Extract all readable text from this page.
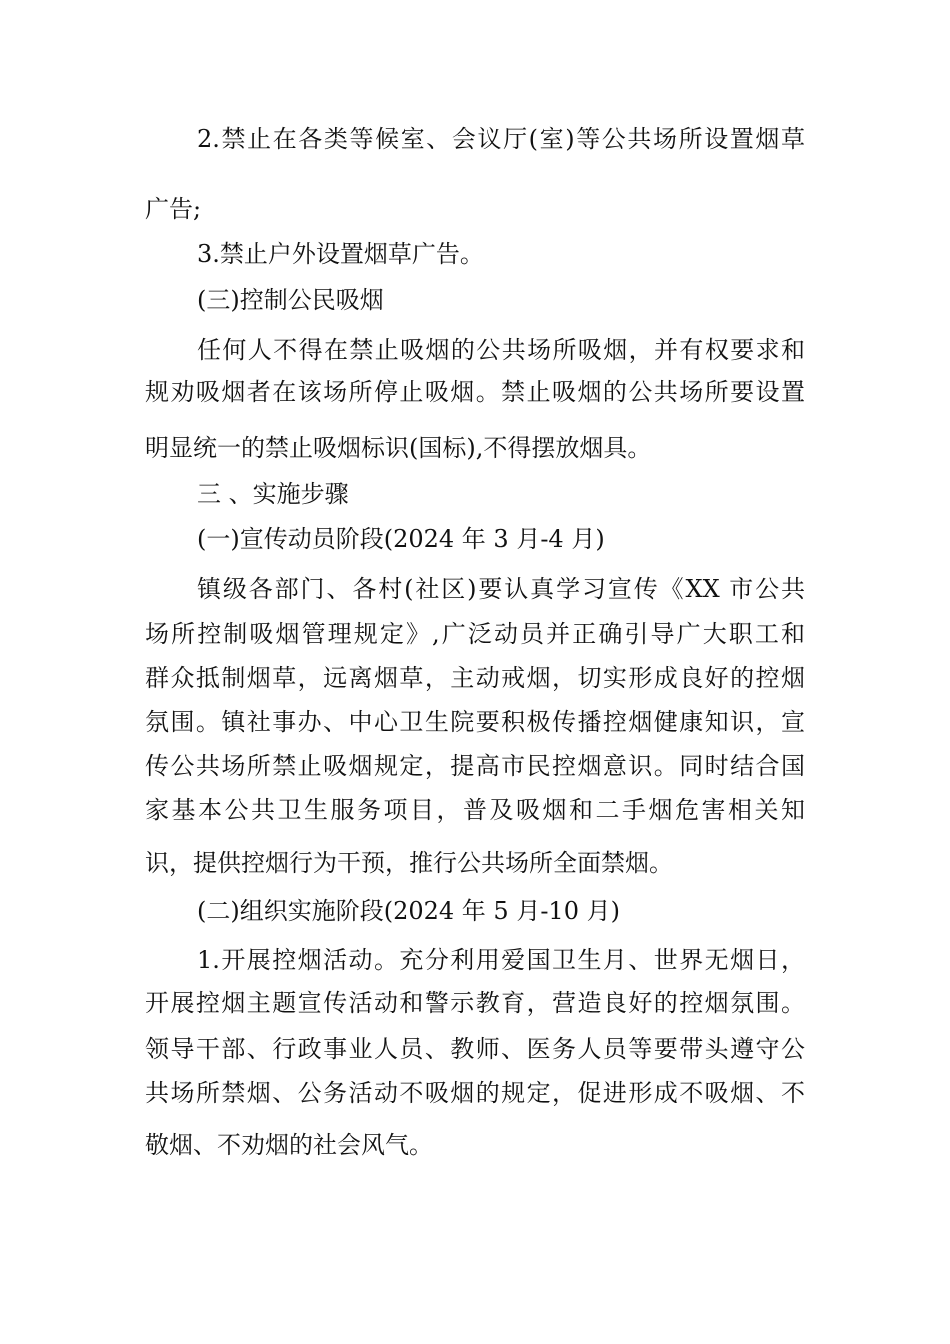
2.禁止在各类等候室、会议厅(室)等公共场所设置烟草
广告;
3.禁止户外设置烟草广告。
(三)控制公民吸烟
任何人不得在禁止吸烟的公共场所吸烟，并有权要求和
规劝吸烟者在该场所停止吸烟。禁止吸烟的公共场所要设置
明显统一的禁止吸烟标识(国标),不得摆放烟具。
三 、实施步骤
(一)宣传动员阶段(2024 年 3 月-4 月)
镇级各部门、各村(社区)要认真学习宣传《XX 市公共
场所控制吸烟管理规定》,广泛动员并正确引导广大职工和
群众抵制烟草，远离烟草，主动戒烟，切实形成良好的控烟
氛围。镇社事办、中心卫生院要积极传播控烟健康知识，宣
传公共场所禁止吸烟规定，提高市民控烟意识。同时结合国
家基本公共卫生服务项目，普及吸烟和二手烟危害相关知
识，提供控烟行为干预，推行公共场所全面禁烟。
(二)组织实施阶段(2024 年 5 月-10 月)
1.开展控烟活动。充分利用爱国卫生月、世界无烟日，
开展控烟主题宣传活动和警示教育，营造良好的控烟氛围。
领导干部、行政事业人员、教师、医务人员等要带头遵守公
共场所禁烟、公务活动不吸烟的规定，促进形成不吸烟、不
敬烟、不劝烟的社会风气。
